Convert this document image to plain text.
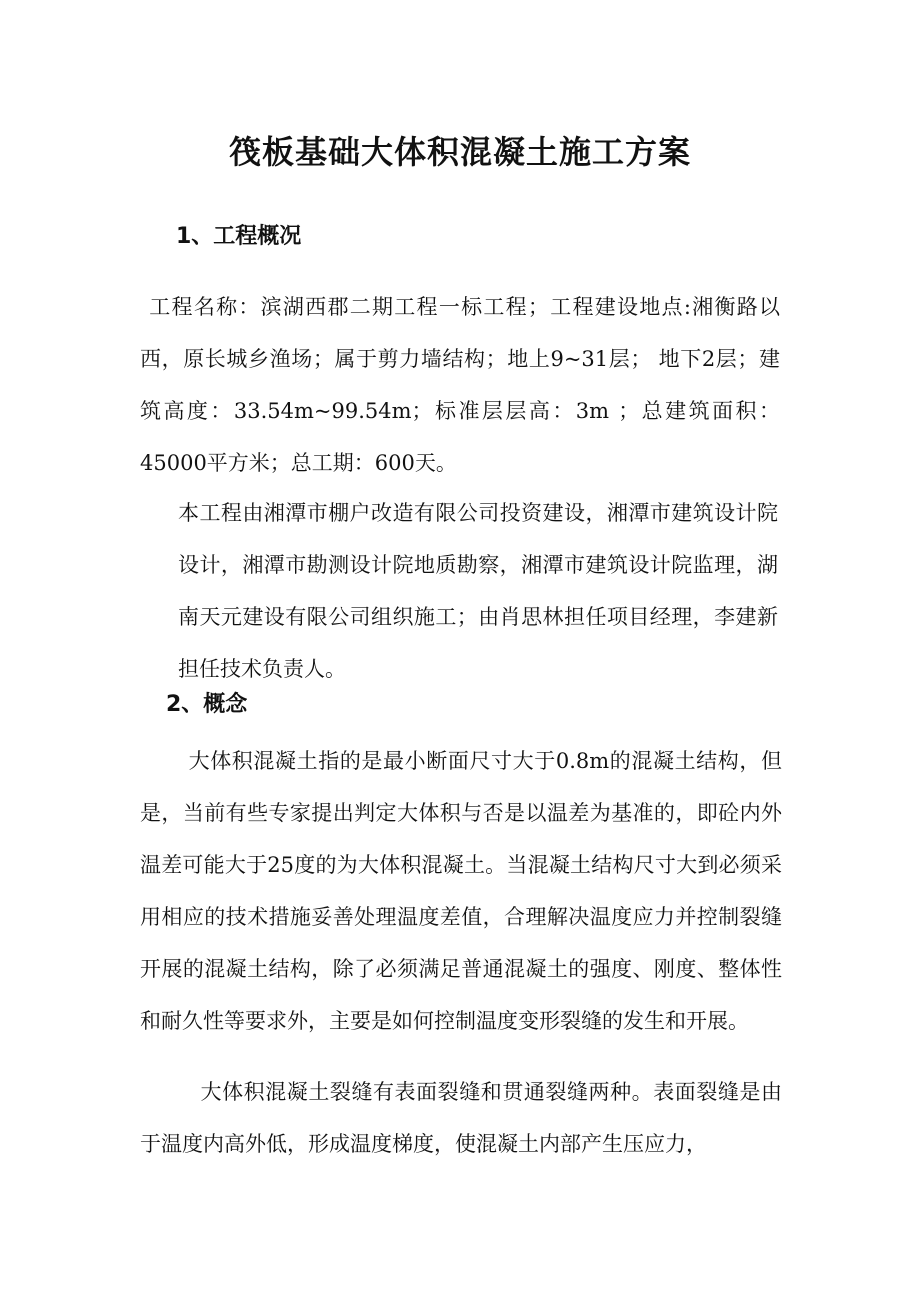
筏板基础大体积混凝土施工方案
1、工程概况

工程名称：滨湖西郡二期工程一标工程；工程建设地点:湘衡路以西，原长城乡渔场；属于剪力墙结构；地上9~31层； 地下2层；建筑高度：33.54m~99.54m；标准层层高：3m ；总建筑面积：45000平方米；总工期：600天。

本工程由湘潭市棚户改造有限公司投资建设，湘潭市建筑设计院设计，湘潭市勘测设计院地质勘察，湘潭市建筑设计院监理，湖南天元建设有限公司组织施工；由肖思林担任项目经理，李建新担任技术负责人。

2、概念

大体积混凝土指的是最小断面尺寸大于0.8m的混凝土结构，但是，当前有些专家提出判定大体积与否是以温差为基准的，即砼内外温差可能大于25度的为大体积混凝土。当混凝土结构尺寸大到必须采用相应的技术措施妥善处理温度差值，合理解决温度应力并控制裂缝开展的混凝土结构，除了必须满足普通混凝土的强度、刚度、整体性和耐久性等要求外，主要是如何控制温度变形裂缝的发生和开展。

大体积混凝土裂缝有表面裂缝和贯通裂缝两种。表面裂缝是由于温度内高外低，形成温度梯度，使混凝土内部产生压应力，
